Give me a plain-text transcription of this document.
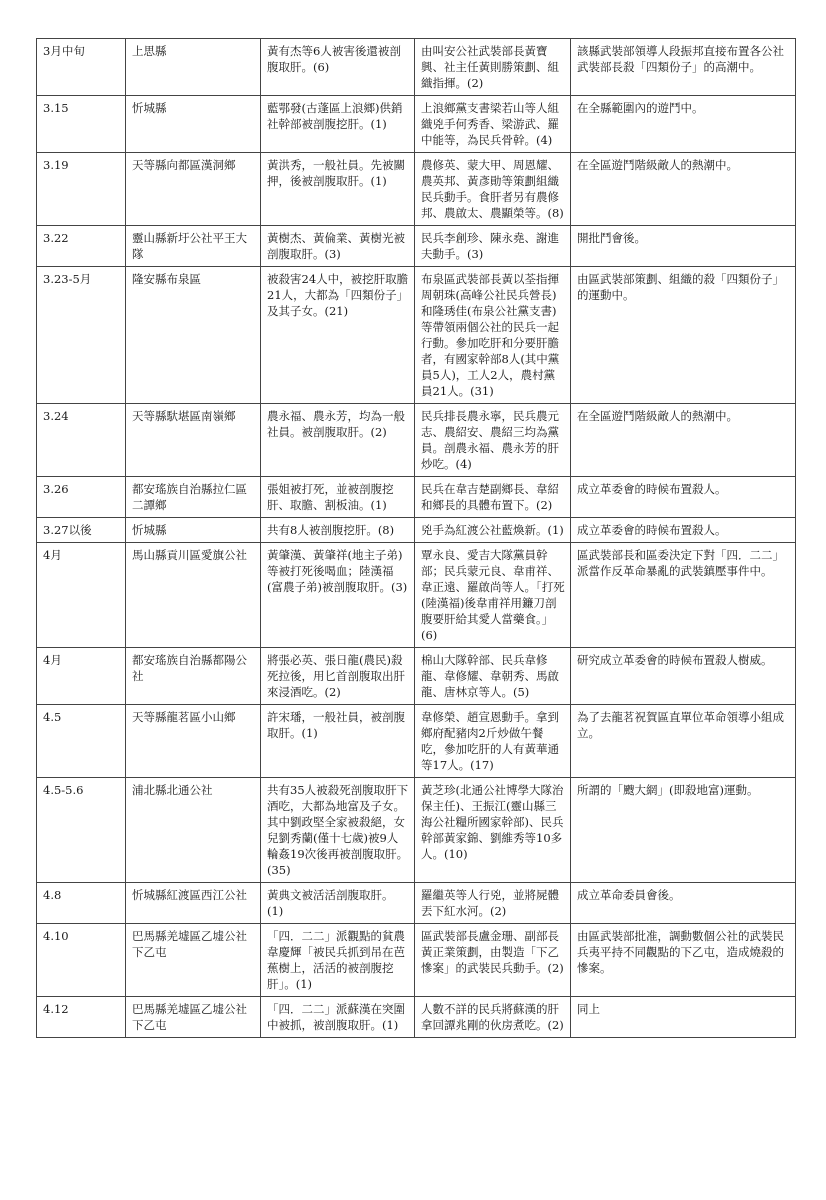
3月中旬	上思縣	黃有杰等6人被害後還被剖腹取肝。(6)	由叫安公社武裝部長黃寶興、社主任黃則勝策劃、組織指揮。(2)	該縣武裝部領導人段振邦直接布置各公社武裝部長殺「四類份子」的高潮中。
3.15	忻城縣	藍鄂發(古蓬區上浪鄉)供銷社幹部被剖腹挖肝。(1)	上浪鄉黨支書梁若山等人組織兇手何秀香、梁游武、羅中能等，為民兵骨幹。(4)	在全縣範圍內的遊鬥中。
3.19	天等縣向都區漢洞鄉	黃洪秀，一般社員。先被關押，後被剖腹取肝。(1)	農修英、蒙大甲、周恩耀、農英邦、黃彥勛等策劃組織民兵動手。食肝者另有農修邦、農啟太、農顯榮等。(8)	在全區遊鬥階級敵人的熱潮中。
3.22	靈山縣新圩公社平王大隊	黃樹杰、黃倫業、黃樹光被剖腹取肝。(3)	民兵李創珍、陳永堯、謝進夫動手。(3)	開批鬥會後。
3.23-5月	隆安縣布泉區	被殺害24人中，被挖肝取膽21人，大都為「四類份子」及其子女。(21)	布泉區武裝部長黃以荃指揮周朝珠(高峰公社民兵營長)和隆琇佳(布泉公社黨支書)等帶領兩個公社的民兵一起行動。參加吃肝和分要肝膽者，有國家幹部8人(其中黨員5人)，工人2人，農村黨員21人。(31)	由區武裝部策劃、組織的殺「四類份子」的運動中。
3.24	天等縣馱堪區南嶺鄉	農永福、農永芳，均為一般社員。被剖腹取肝。(2)	民兵排長農永寧，民兵農元志、農紹安、農紹三均為黨員。剖農永福、農永芳的肝炒吃。(4)	在全區遊鬥階級敵人的熱潮中。
3.26	都安瑤族自治縣拉仁區二譚鄉	張姐被打死，並被剖腹挖肝、取膽、割板油。(1)	民兵在韋吉楚副鄉長、韋紹和鄉長的具體布置下。(2)	成立革委會的時候布置殺人。
3.27以後	忻城縣	共有8人被剖腹挖肝。(8)	兇手為紅渡公社藍煥新。(1)	成立革委會的時候布置殺人。
4月	馬山縣貢川區愛旗公社	黃肇漢、黃肇祥(地主子弟)等被打死後喝血；陸漢福(富農子弟)被剖腹取肝。(3)	覃永良、愛吉大隊黨員幹部；民兵蒙元良、韋甫祥、韋正遠、羅啟尚等人。「打死(陸漢福)後韋甫祥用鐮刀剖腹要肝給其愛人當藥食。」(6)	區武裝部長和區委決定下對「四．二二」派當作反革命暴亂的武裝鎮壓事件中。
4月	都安瑤族自治縣都陽公社	將張必英、張日龍(農民)殺死拉後，用匕首剖腹取出肝來浸酒吃。(2)	棉山大隊幹部、民兵韋修龍、韋修耀、韋朝秀、馬啟龍、唐林京等人。(5)	研究成立革委會的時候布置殺人樹威。
4.5	天等縣龍茗區小山鄉	許宋璠，一般社員，被剖腹取肝。(1)	韋修榮、趙宣恩動手。拿到鄉府配豬肉2斤炒做午餐吃，參加吃肝的人有黃華通等17人。(17)	為了去龍茗祝賀區直單位革命領導小組成立。
4.5-5.6	浦北縣北通公社	共有35人被殺死剖腹取肝下酒吃，大都為地富及子女。其中劉政堅全家被殺絕，女兒劉秀蘭(僅十七歲)被9人輪姦19次後再被剖腹取肝。(35)	黃芝珍(北通公社博學大隊治保主任)、王振江(靈山縣三海公社糧所國家幹部)、民兵幹部黃家錦、劉維秀等10多人。(10)	所謂的「颼大網」(即殺地富)運動。
4.8	忻城縣紅渡區西江公社	黃典文被活活剖腹取肝。(1)	羅繼英等人行兇，並將屍體丟下紅水河。(2)	成立革命委員會後。
4.10	巴馬縣羌墟區乙墟公社下乙屯	「四．二二」派觀點的貧農韋慶輝「被民兵抓到吊在芭蕉樹上，活活的被剖腹挖肝」。(1)	區武裝部長盧金珊、副部長黃正業策劃，由製造「下乙慘案」的武裝民兵動手。(2)	由區武裝部批准，調動數個公社的武裝民兵夷平持不同觀點的下乙屯，造成燒殺的慘案。
4.12	巴馬縣羌墟區乙墟公社下乙屯	「四．二二」派蘇漢在突圍中被抓，被剖腹取肝。(1)	人數不詳的民兵將蘇漢的肝拿回譚兆剛的伙房煮吃。(2)	同上
